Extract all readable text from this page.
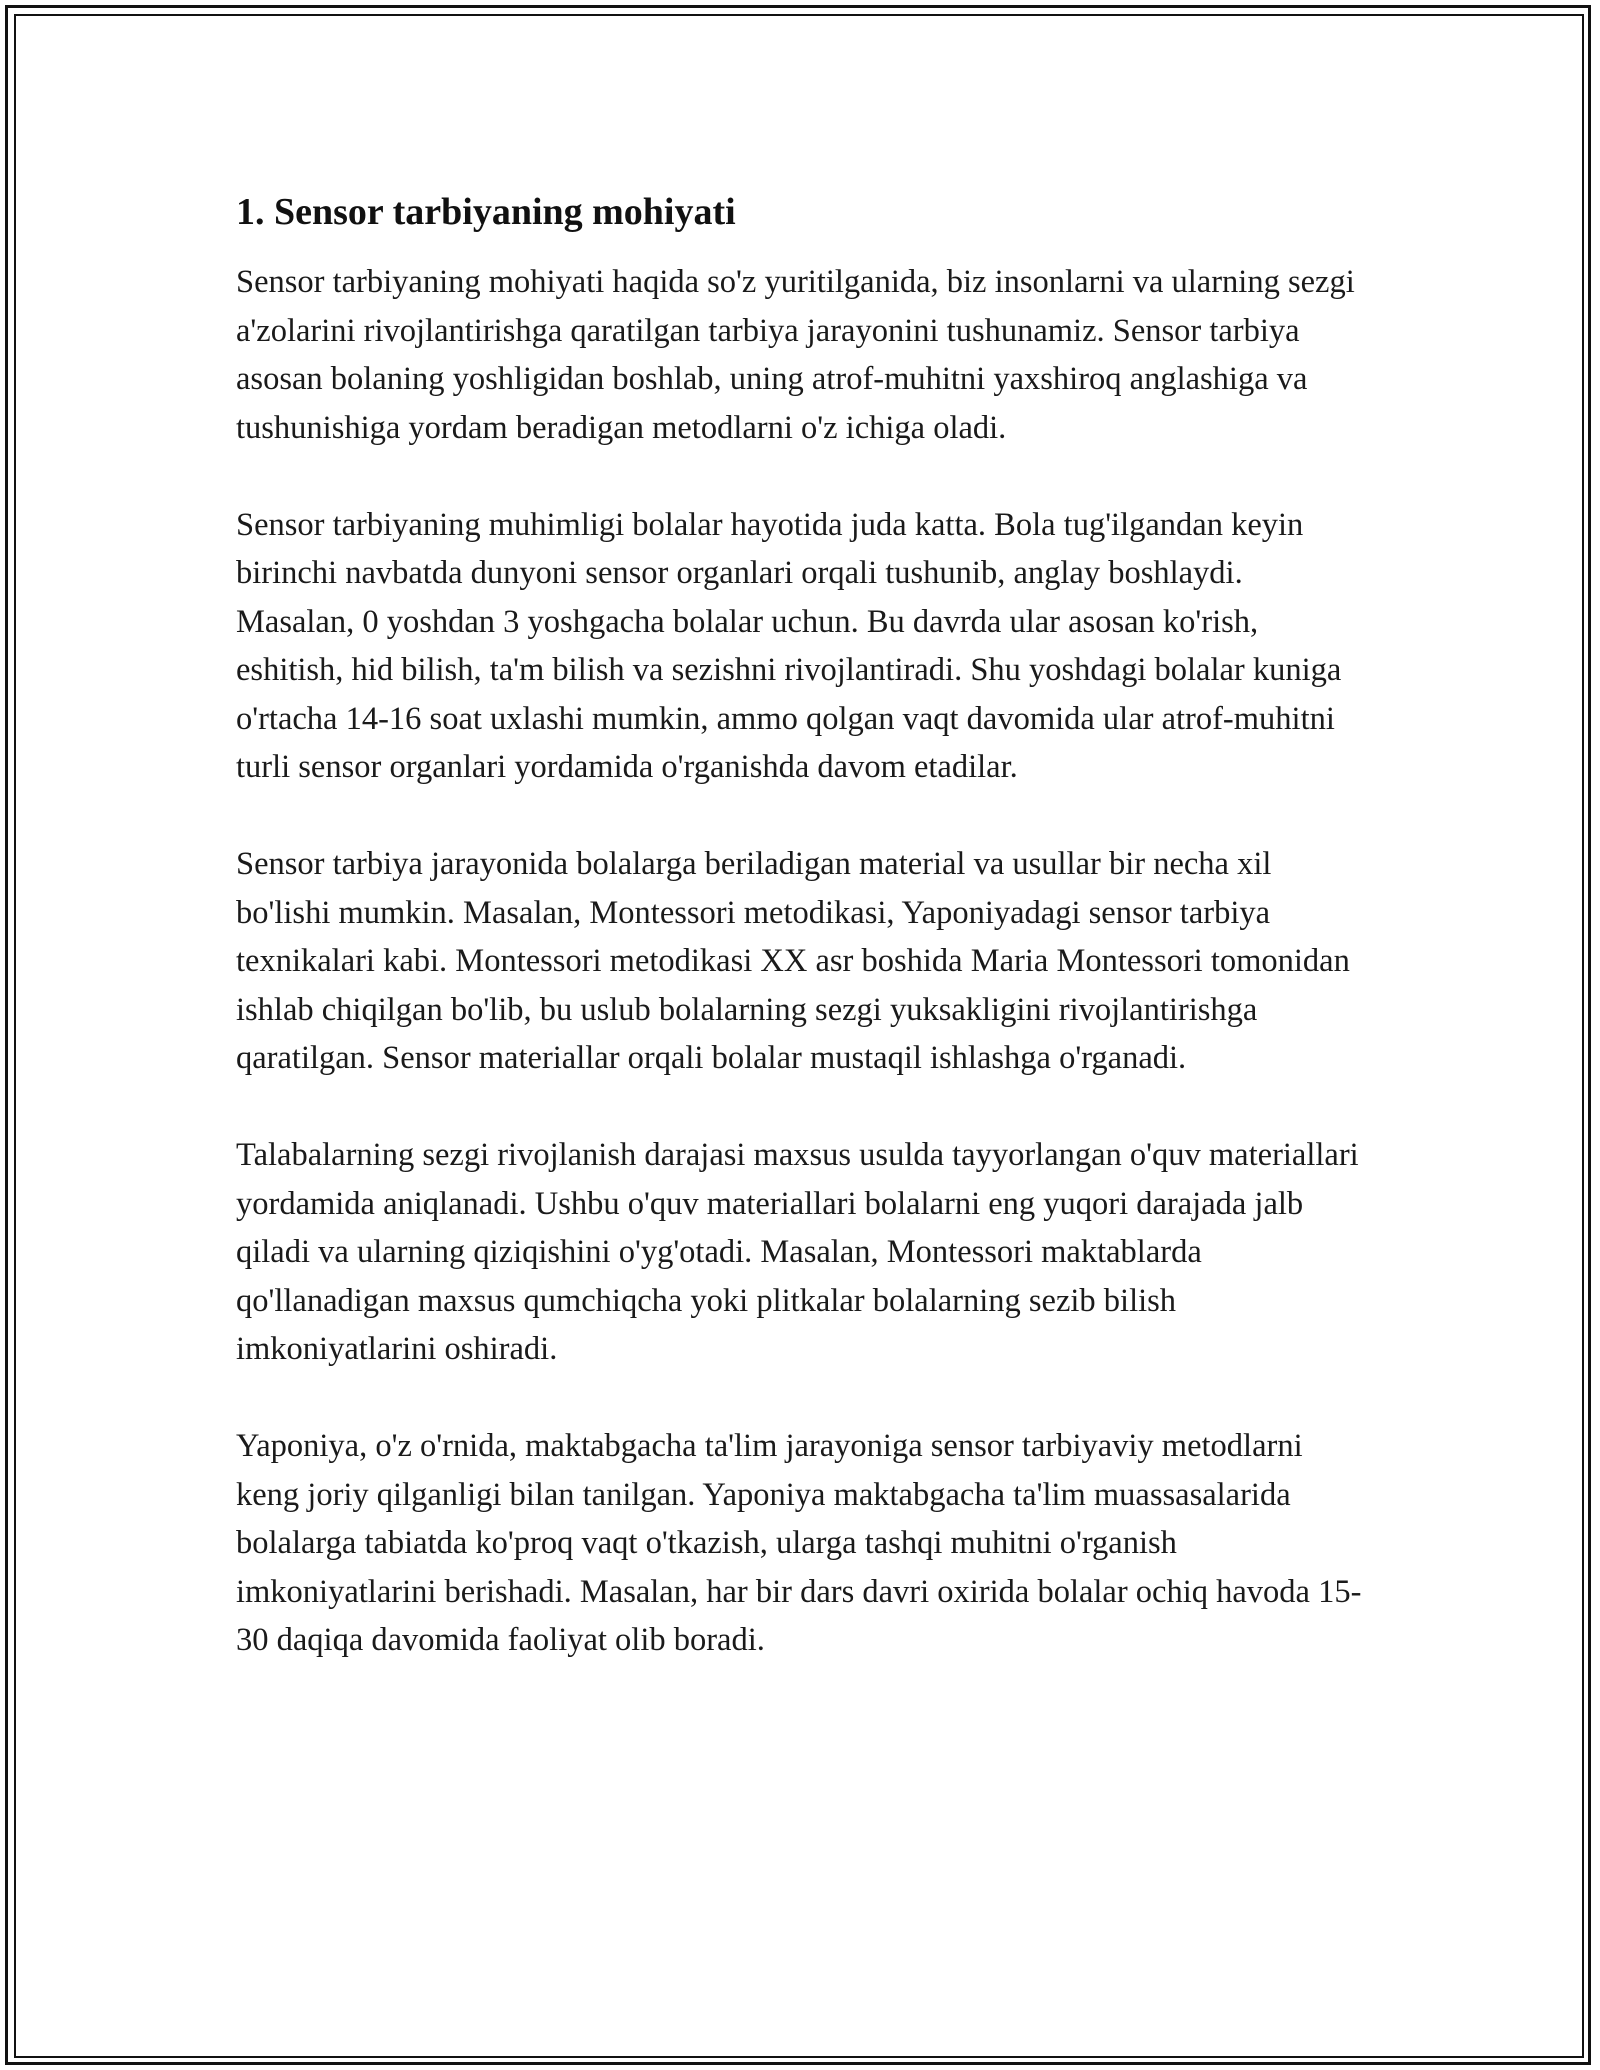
1. Sensor tarbiyaning mohiyati

Sensor tarbiyaning mohiyati haqida so'z yuritilganida, biz insonlarni va ularning sezgi a'zolarini rivojlantirishga qaratilgan tarbiya jarayonini tushunamiz. Sensor tarbiya asosan bolaning yoshligidan boshlab, uning atrof-muhitni yaxshiroq anglashiga va tushunishiga yordam beradigan metodlarni o'z ichiga oladi.

Sensor tarbiyaning muhimligi bolalar hayotida juda katta. Bola tug'ilgandan keyin birinchi navbatda dunyoni sensor organlari orqali tushunib, anglay boshlaydi. Masalan, 0 yoshdan 3 yoshgacha bolalar uchun. Bu davrda ular asosan ko'rish, eshitish, hid bilish, ta'm bilish va sezishni rivojlantiradi. Shu yoshdagi bolalar kuniga o'rtacha 14-16 soat uxlashi mumkin, ammo qolgan vaqt davomida ular atrof-muhitni turli sensor organlari yordamida o'rganishda davom etadilar.

Sensor tarbiya jarayonida bolalarga beriladigan material va usullar bir necha xil bo'lishi mumkin. Masalan, Montessori metodikasi, Yaponiyadagi sensor tarbiya texnikalari kabi. Montessori metodikasi XX asr boshida Maria Montessori tomonidan ishlab chiqilgan bo'lib, bu uslub bolalarning sezgi yuksakligini rivojlantirishga qaratilgan. Sensor materiallar orqali bolalar mustaqil ishlashga o'rganadi.

Talabalarning sezgi rivojlanish darajasi maxsus usulda tayyorlangan o'quv materiallari yordamida aniqlanadi. Ushbu o'quv materiallari bolalarni eng yuqori darajada jalb qiladi va ularning qiziqishini o'yg'otadi. Masalan, Montessori maktablarda qo'llanadigan maxsus qumchiqcha yoki plitkalar bolalarning sezib bilish imkoniyatlarini oshiradi.

Yaponiya, o'z o'rnida, maktabgacha ta'lim jarayoniga sensor tarbiyaviy metodlarni keng joriy qilganligi bilan tanilgan. Yaponiya maktabgacha ta'lim muassasalarida bolalarga tabiatda ko'proq vaqt o'tkazish, ularga tashqi muhitni o'rganish imkoniyatlarini berishadi. Masalan, har bir dars davri oxirida bolalar ochiq havoda 15-30 daqiqa davomida faoliyat olib boradi.
